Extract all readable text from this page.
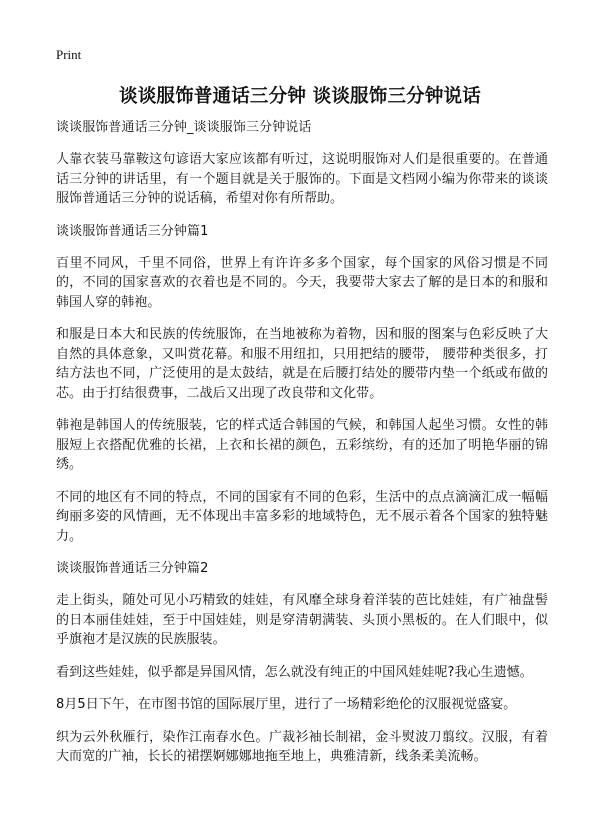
Print
谈谈服饰普通话三分钟 谈谈服饰三分钟说话
谈谈服饰普通话三分钟_谈谈服饰三分钟说话
人靠衣装马靠鞍这句谚语大家应该都有听过，这说明服饰对人们是很重要的。在普通话三分钟的讲话里，有一个题目就是关于服饰的。下面是文档网小编为你带来的谈谈服饰普通话三分钟的说话稿，希望对你有所帮助。
谈谈服饰普通话三分钟篇1
百里不同风，千里不同俗，世界上有许许多多个国家，每个国家的风俗习惯是不同的，不同的国家喜欢的衣着也是不同的。今天，我要带大家去了解的是日本的和服和韩国人穿的韩袍。
和服是日本大和民族的传统服饰，在当地被称为着物，因和服的图案与色彩反映了大自然的具体意象，又叫赏花幕。和服不用纽扣，只用把结的腰带， 腰带种类很多，打结方法也不同，广泛使用的是太鼓结，就是在后腰打结处的腰带内垫一个纸或布做的芯。由于打结很费事，二战后又出现了改良带和文化带。
韩袍是韩国人的传统服装，它的样式适合韩国的气候，和韩国人起坐习惯。女性的韩服短上衣搭配优雅的长裙，上衣和长裙的颜色，五彩缤纷，有的还加了明艳华丽的锦绣。
不同的地区有不同的特点，不同的国家有不同的色彩，生活中的点点滴滴汇成一幅幅绚丽多姿的风情画，无不体现出丰富多彩的地域特色，无不展示着各个国家的独特魅力。
谈谈服饰普通话三分钟篇2
走上街头，随处可见小巧精致的娃娃，有风靡全球身着洋装的芭比娃娃，有广袖盘髻的日本丽佳娃娃，至于中国娃娃，则是穿清朝满装、头顶小黑板的。在人们眼中，似乎旗袍才是汉族的民族服装。
看到这些娃娃，似乎都是异国风情，怎么就没有纯正的中国风娃娃呢?我心生遗憾。
8月5日下午，在市图书馆的国际展厅里，进行了一场精彩绝伦的汉服视觉盛宴。
织为云外秋雁行，染作江南春水色。广裁衫袖长制裙，金斗熨波刀翦纹。汉服，有着大而宽的广袖，长长的裙摆婀娜娜地拖至地上，典雅清新，线条柔美流畅。
